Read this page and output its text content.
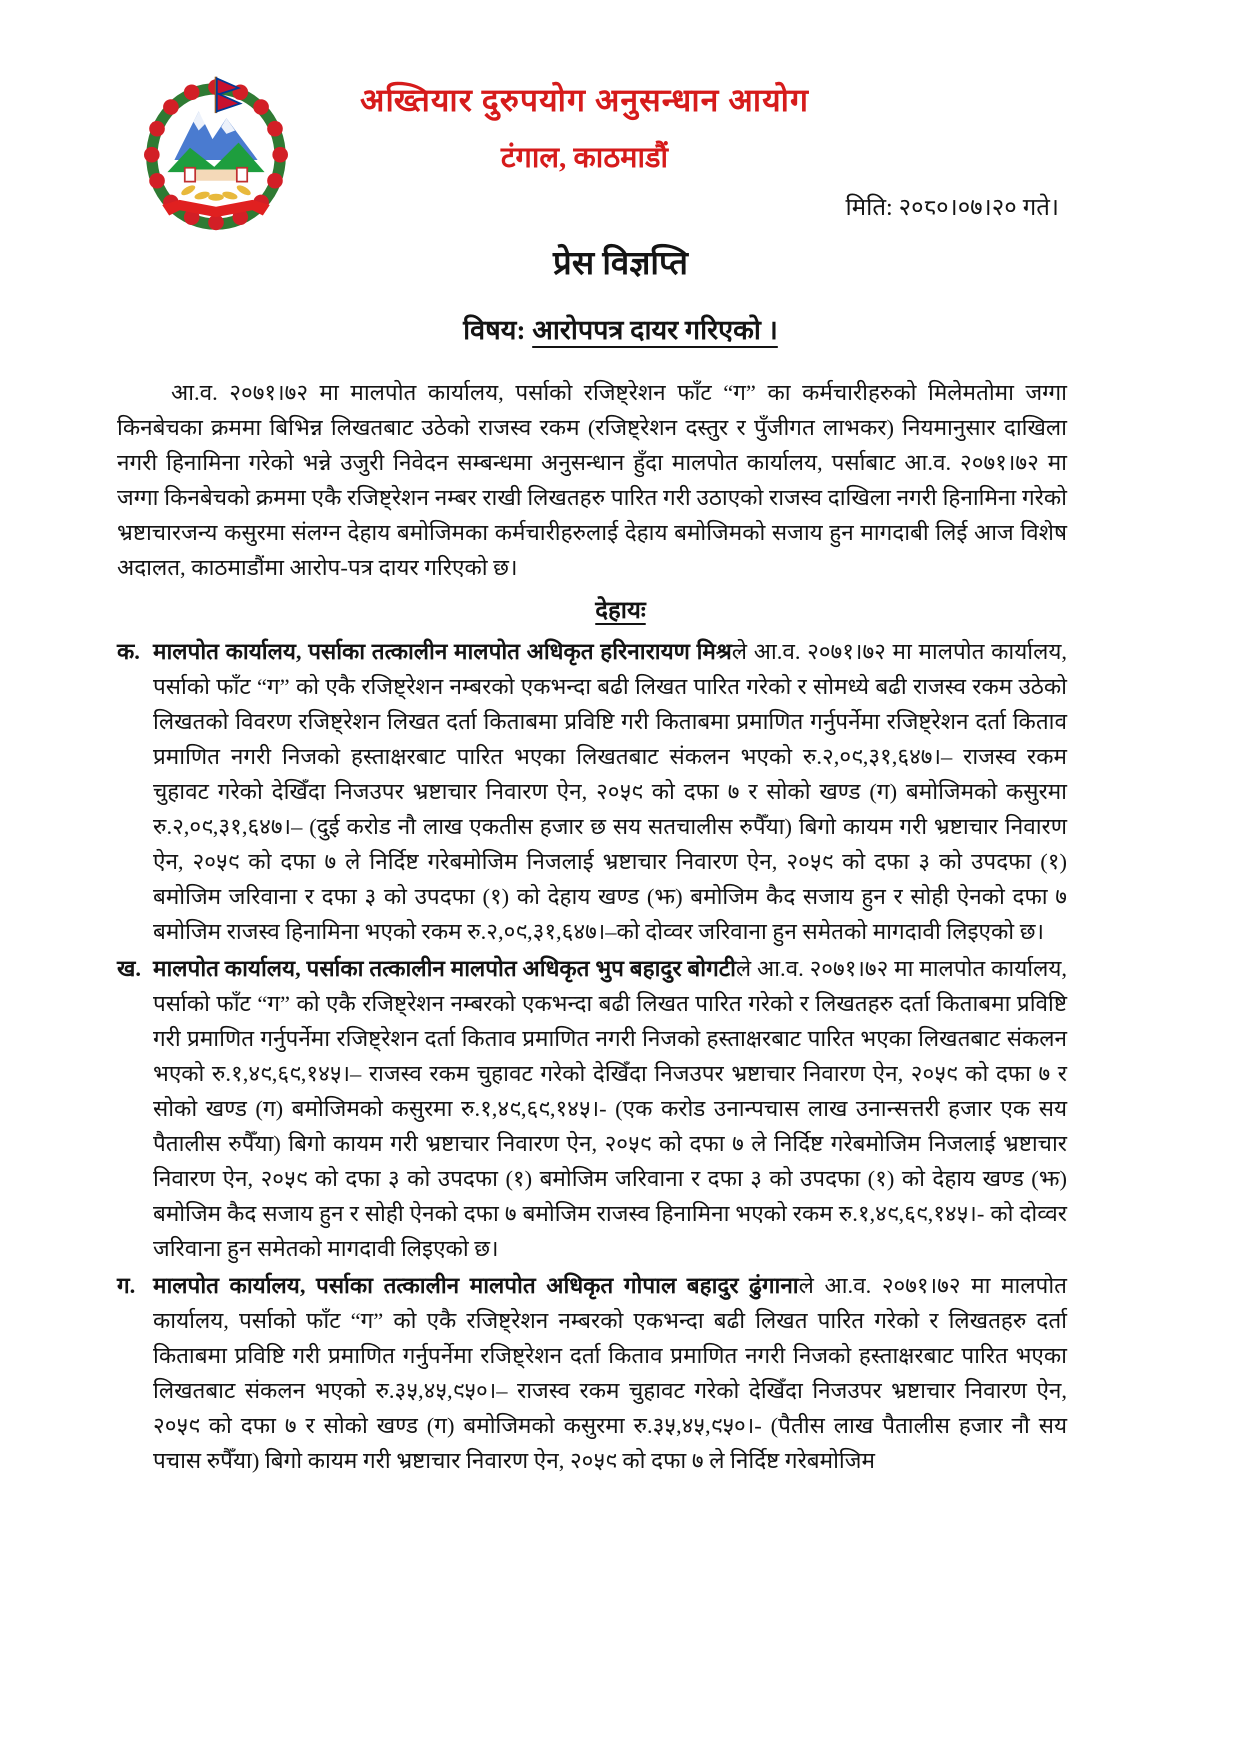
अख्तियार दुरुपयोग अनुसन्धान आयोग
टंगाल, काठमाडौं
मिति: २०८०।०७।२० गते।
प्रेस विज्ञप्ति
विषय: आरोपपत्र दायर गरिएको ।

आ.व. २०७१।७२ मा मालपोत कार्यालय, पर्साको रजिष्ट्रेशन फाँट “ग” का कर्मचारीहरुको मिलेमतोमा जग्गा किनबेचका क्रममा बिभिन्न लिखतबाट उठेको राजस्व रकम (रजिष्ट्रेशन दस्तुर र पुँजीगत लाभकर) नियमानुसार दाखिला नगरी हिनामिना गरेको भन्ने उजुरी निवेदन सम्बन्धमा अनुसन्धान हुँदा मालपोत कार्यालय, पर्साबाट आ.व. २०७१।७२ मा जग्गा किनबेचको क्रममा एकै रजिष्ट्रेशन नम्बर राखी लिखतहरु पारित गरी उठाएको राजस्व दाखिला नगरी हिनामिना गरेको भ्रष्टाचारजन्य कसुरमा संलग्न देहाय बमोजिमका कर्मचारीहरुलाई देहाय बमोजिमको सजाय हुन मागदाबी लिई आज विशेष अदालत, काठमाडौंमा आरोप-पत्र दायर गरिएको छ।

देहायः
क. मालपोत कार्यालय, पर्साका तत्कालीन मालपोत अधिकृत हरिनारायण मिश्रले आ.व. २०७१।७२ मा मालपोत कार्यालय, पर्साको फाँट “ग” को एकै रजिष्ट्रेशन नम्बरको एकभन्दा बढी लिखत पारित गरेको र सोमध्ये बढी राजस्व रकम उठेको लिखतको विवरण रजिष्ट्रेशन लिखत दर्ता किताबमा प्रविष्टि गरी किताबमा प्रमाणित गर्नुपर्नेमा रजिष्ट्रेशन दर्ता किताव प्रमाणित नगरी निजको हस्ताक्षरबाट पारित भएका लिखतबाट संकलन भएको रु.२,०९,३१,६४७।– राजस्व रकम चुहावट गरेको देखिँदा निजउपर भ्रष्टाचार निवारण ऐन, २०५९ को दफा ७ र सोको खण्ड (ग) बमोजिमको कसुरमा रु.२,०९,३१,६४७।– (दुई करोड नौ लाख एकतीस हजार छ सय सतचालीस रुपैँया) बिगो कायम गरी भ्रष्टाचार निवारण ऐन, २०५९ को दफा ७ ले निर्दिष्ट गरेबमोजिम निजलाई भ्रष्टाचार निवारण ऐन, २०५९ को दफा ३ को उपदफा (१) बमोजिम जरिवाना र दफा ३ को उपदफा (१) को देहाय खण्ड (झ) बमोजिम कैद सजाय हुन र सोही ऐनको दफा ७ बमोजिम राजस्व हिनामिना भएको रकम रु.२,०९,३१,६४७।–को दोव्वर जरिवाना हुन समेतको मागदावी लिइएको छ।

ख. मालपोत कार्यालय, पर्साका तत्कालीन मालपोत अधिकृत भुप बहादुर बोगटीले आ.व. २०७१।७२ मा मालपोत कार्यालय, पर्साको फाँट “ग” को एकै रजिष्ट्रेशन नम्बरको एकभन्दा बढी लिखत पारित गरेको र लिखतहरु दर्ता किताबमा प्रविष्टि गरी प्रमाणित गर्नुपर्नेमा रजिष्ट्रेशन दर्ता किताव प्रमाणित नगरी निजको हस्ताक्षरबाट पारित भएका लिखतबाट संकलन भएको रु.१,४९,६९,१४५।– राजस्व रकम चुहावट गरेको देखिँदा निजउपर भ्रष्टाचार निवारण ऐन, २०५९ को दफा ७ र सोको खण्ड (ग) बमोजिमको कसुरमा रु.१,४९,६९,१४५।- (एक करोड उनान्पचास लाख उनान्सत्तरी हजार एक सय पैतालीस रुपैँया) बिगो कायम गरी भ्रष्टाचार निवारण ऐन, २०५९ को दफा ७ ले निर्दिष्ट गरेबमोजिम निजलाई भ्रष्टाचार निवारण ऐन, २०५९ को दफा ३ को उपदफा (१) बमोजिम जरिवाना र दफा ३ को उपदफा (१) को देहाय खण्ड (झ) बमोजिम कैद सजाय हुन र सोही ऐनको दफा ७ बमोजिम राजस्व हिनामिना भएको रकम रु.१,४९,६९,१४५।- को दोव्वर जरिवाना हुन समेतको मागदावी लिइएको छ।

ग. मालपोत कार्यालय, पर्साका तत्कालीन मालपोत अधिकृत गोपाल बहादुर ढुंगानाले आ.व. २०७१।७२ मा मालपोत कार्यालय, पर्साको फाँट “ग” को एकै रजिष्ट्रेशन नम्बरको एकभन्दा बढी लिखत पारित गरेको र लिखतहरु दर्ता किताबमा प्रविष्टि गरी प्रमाणित गर्नुपर्नेमा रजिष्ट्रेशन दर्ता किताव प्रमाणित नगरी निजको हस्ताक्षरबाट पारित भएका लिखतबाट संकलन भएको रु.३५,४५,९५०।– राजस्व रकम चुहावट गरेको देखिँदा निजउपर भ्रष्टाचार निवारण ऐन, २०५९ को दफा ७ र सोको खण्ड (ग) बमोजिमको कसुरमा रु.३५,४५,९५०।- (पैतीस लाख पैतालीस हजार नौ सय पचास रुपैँया) बिगो कायम गरी भ्रष्टाचार निवारण ऐन, २०५९ को दफा ७ ले निर्दिष्ट गरेबमोजिम
